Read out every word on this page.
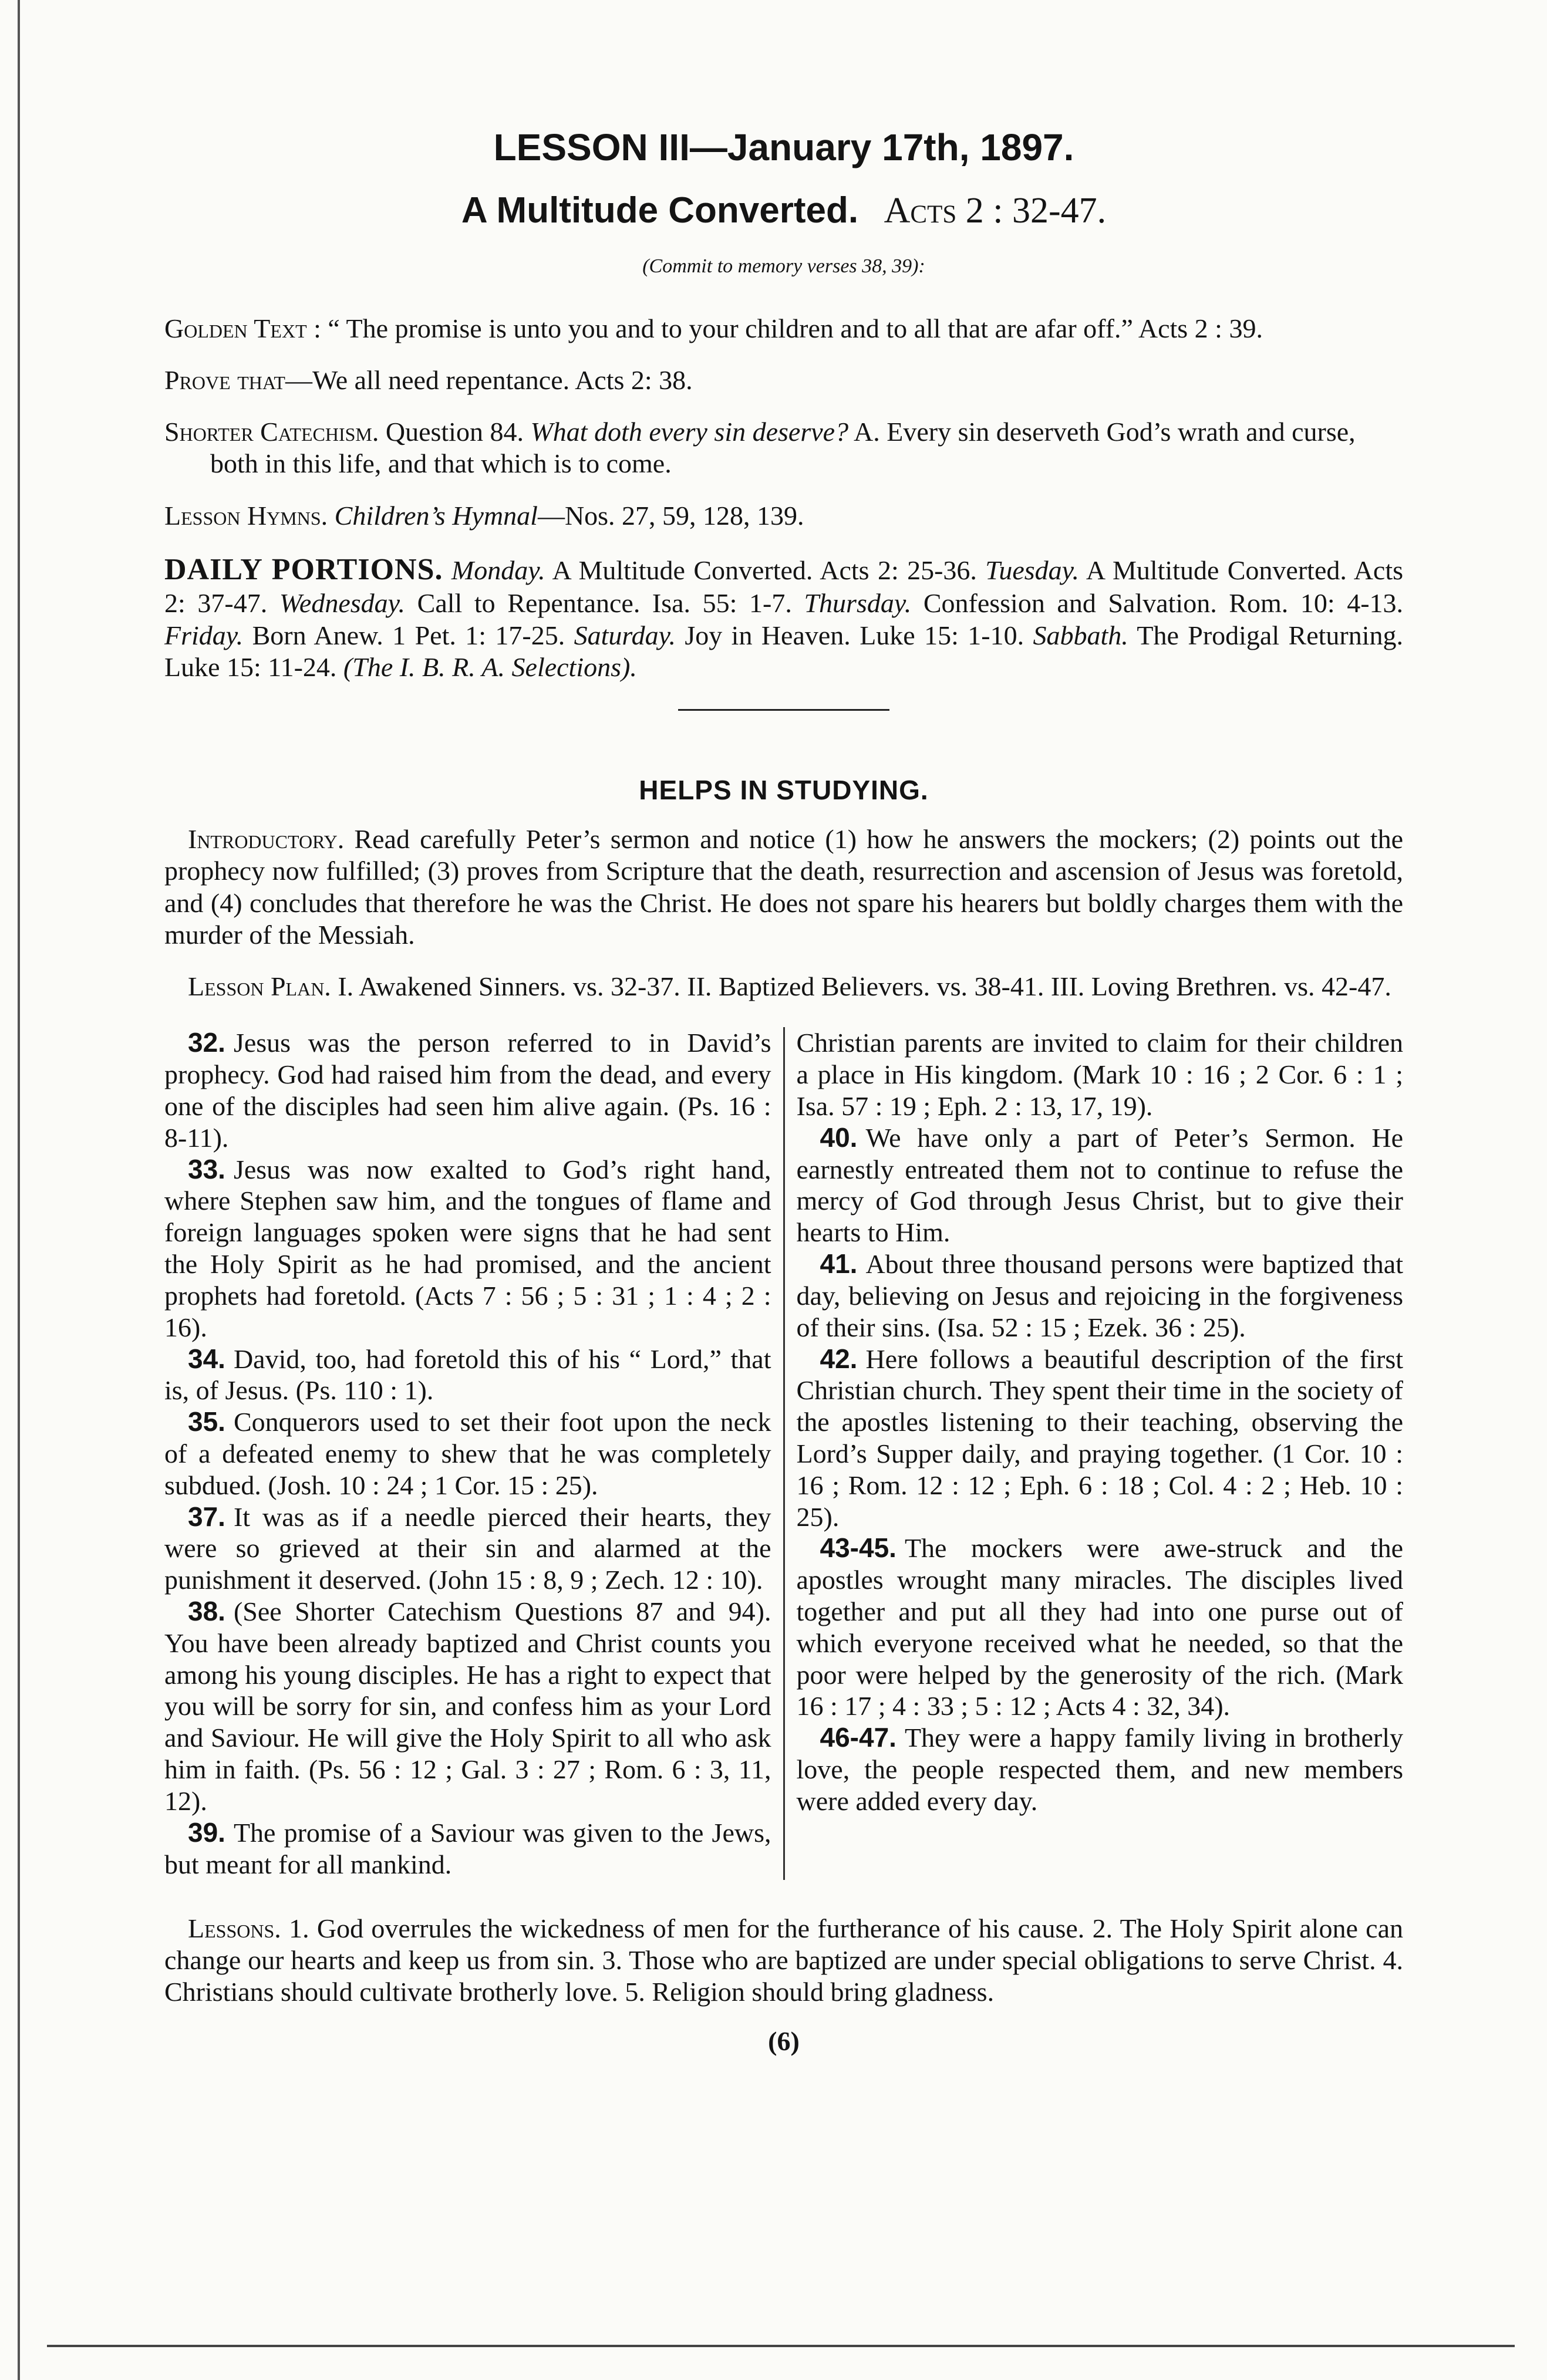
LESSON III—January 17th, 1897.
A Multitude Converted. Acts 2 : 32-47.
(Commit to memory verses 38, 39):
Golden Text : “ The promise is unto you and to your children and to all that are afar off.” Acts 2 : 39.
Prove that—We all need repentance. Acts 2: 38.
Shorter Catechism. Question 84. What doth every sin deserve? A. Every sin deserveth God’s wrath and curse, both in this life, and that which is to come.
Lesson Hymns. Children’s Hymnal—Nos. 27, 59, 128, 139.
DAILY PORTIONS. Monday. A Multitude Converted. Acts 2: 25-36. Tuesday. A Multitude Converted. Acts 2: 37-47. Wednesday. Call to Repentance. Isa. 55: 1-7. Thursday. Confession and Salvation. Rom. 10: 4-13. Friday. Born Anew. 1 Pet. 1: 17-25. Saturday. Joy in Heaven. Luke 15: 1-10. Sabbath. The Prodigal Returning. Luke 15: 11-24. (The I. B. R. A. Selections).
HELPS IN STUDYING.
Introductory. Read carefully Peter’s sermon and notice (1) how he answers the mockers; (2) points out the prophecy now fulfilled; (3) proves from Scripture that the death, resurrection and ascension of Jesus was foretold, and (4) concludes that therefore he was the Christ. He does not spare his hearers but boldly charges them with the murder of the Messiah.
Lesson Plan. I. Awakened Sinners. vs. 32-37. II. Baptized Believers. vs. 38-41. III. Loving Brethren. vs. 42-47.

32. Jesus was the person referred to in David’s prophecy. God had raised him from the dead, and every one of the disciples had seen him alive again. (Ps. 16 : 8-11).

33. Jesus was now exalted to God’s right hand, where Stephen saw him, and the tongues of flame and foreign languages spoken were signs that he had sent the Holy Spirit as he had promised, and the ancient prophets had foretold. (Acts 7 : 56 ; 5 : 31 ; 1 : 4 ; 2 : 16).

34. David, too, had foretold this of his “ Lord,” that is, of Jesus. (Ps. 110 : 1).

35. Conquerors used to set their foot upon the neck of a defeated enemy to shew that he was completely subdued. (Josh. 10 : 24 ; 1 Cor. 15 : 25).

37. It was as if a needle pierced their hearts, they were so grieved at their sin and alarmed at the punishment it deserved. (John 15 : 8, 9 ; Zech. 12 : 10).

38. (See Shorter Catechism Questions 87 and 94). You have been already baptized and Christ counts you among his young disciples. He has a right to expect that you will be sorry for sin, and confess him as your Lord and Saviour. He will give the Holy Spirit to all who ask him in faith. (Ps. 56 : 12 ; Gal. 3 : 27 ; Rom. 6 : 3, 11, 12).

39. The promise of a Saviour was given to the Jews, but meant for all mankind.

Christian parents are invited to claim for their children a place in His kingdom. (Mark 10 : 16 ; 2 Cor. 6 : 1 ; Isa. 57 : 19 ; Eph. 2 : 13, 17, 19).

40. We have only a part of Peter’s Sermon. He earnestly entreated them not to continue to refuse the mercy of God through Jesus Christ, but to give their hearts to Him.

41. About three thousand persons were baptized that day, believing on Jesus and rejoicing in the forgiveness of their sins. (Isa. 52 : 15 ; Ezek. 36 : 25).

42. Here follows a beautiful description of the first Christian church. They spent their time in the society of the apostles listening to their teaching, observing the Lord’s Supper daily, and praying together. (1 Cor. 10 : 16 ; Rom. 12 : 12 ; Eph. 6 : 18 ; Col. 4 : 2 ; Heb. 10 : 25).

43-45. The mockers were awe-struck and the apostles wrought many miracles. The disciples lived together and put all they had into one purse out of which everyone received what he needed, so that the poor were helped by the generosity of the rich. (Mark 16 : 17 ; 4 : 33 ; 5 : 12 ; Acts 4 : 32, 34).

46-47. They were a happy family living in brotherly love, the people respected them, and new members were added every day.

Lessons. 1. God overrules the wickedness of men for the furtherance of his cause. 2. The Holy Spirit alone can change our hearts and keep us from sin. 3. Those who are baptized are under special obligations to serve Christ. 4. Christians should cultivate brotherly love. 5. Religion should bring gladness.
(6)
